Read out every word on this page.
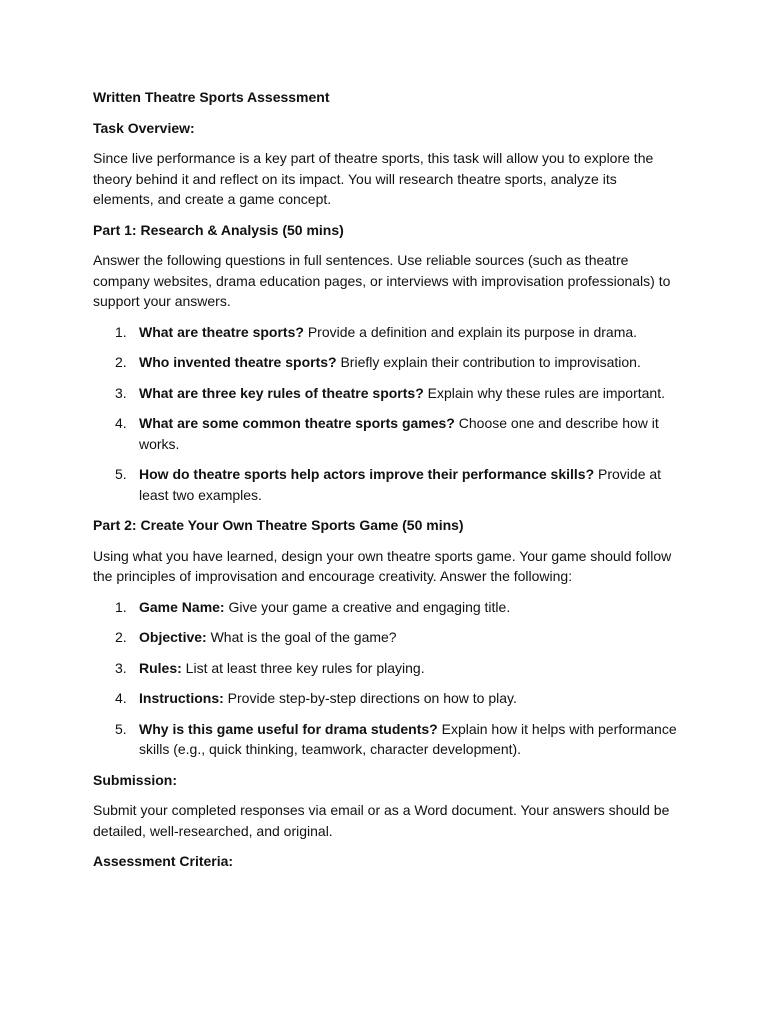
Written Theatre Sports Assessment

Task Overview:

Since live performance is a key part of theatre sports, this task will allow you to explore the theory behind it and reflect on its impact. You will research theatre sports, analyze its elements, and create a game concept.

Part 1: Research & Analysis (50 mins)

Answer the following questions in full sentences. Use reliable sources (such as theatre company websites, drama education pages, or interviews with improvisation professionals) to support your answers.

1. What are theatre sports? Provide a definition and explain its purpose in drama.
2. Who invented theatre sports? Briefly explain their contribution to improvisation.
3. What are three key rules of theatre sports? Explain why these rules are important.
4. What are some common theatre sports games? Choose one and describe how it works.
5. How do theatre sports help actors improve their performance skills? Provide at least two examples.

Part 2: Create Your Own Theatre Sports Game (50 mins)

Using what you have learned, design your own theatre sports game. Your game should follow the principles of improvisation and encourage creativity. Answer the following:

1. Game Name: Give your game a creative and engaging title.
2. Objective: What is the goal of the game?
3. Rules: List at least three key rules for playing.
4. Instructions: Provide step-by-step directions on how to play.
5. Why is this game useful for drama students? Explain how it helps with performance skills (e.g., quick thinking, teamwork, character development).

Submission:

Submit your completed responses via email or as a Word document. Your answers should be detailed, well-researched, and original.

Assessment Criteria:
